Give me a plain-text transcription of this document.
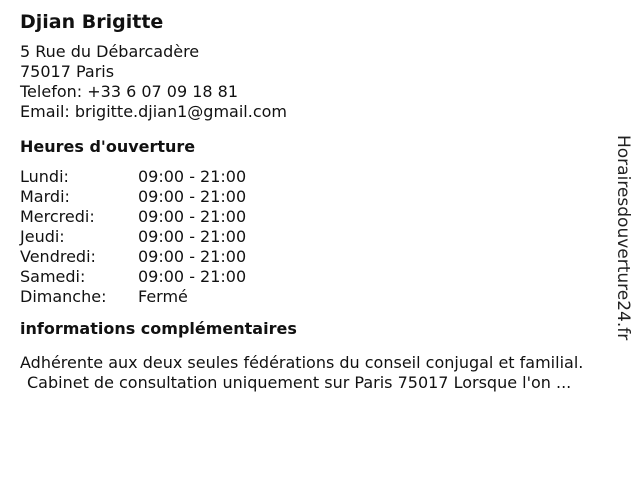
Djian Brigitte
5 Rue du Débarcadère
75017 Paris
Telefon: +33 6 07 09 18 81
Email: brigitte.djian1@gmail.com
Heures d'ouverture
Lundi:	09:00 - 21:00
Mardi:	09:00 - 21:00
Mercredi:	09:00 - 21:00
Jeudi:	09:00 - 21:00
Vendredi:	09:00 - 21:00
Samedi:	09:00 - 21:00
Dimanche:	Fermé
informations complémentaires
Adhérente aux deux seules fédérations du conseil conjugal et familial.
Cabinet de consultation uniquement sur Paris 75017 Lorsque l'on ...
Horairesdouverture24.fr
